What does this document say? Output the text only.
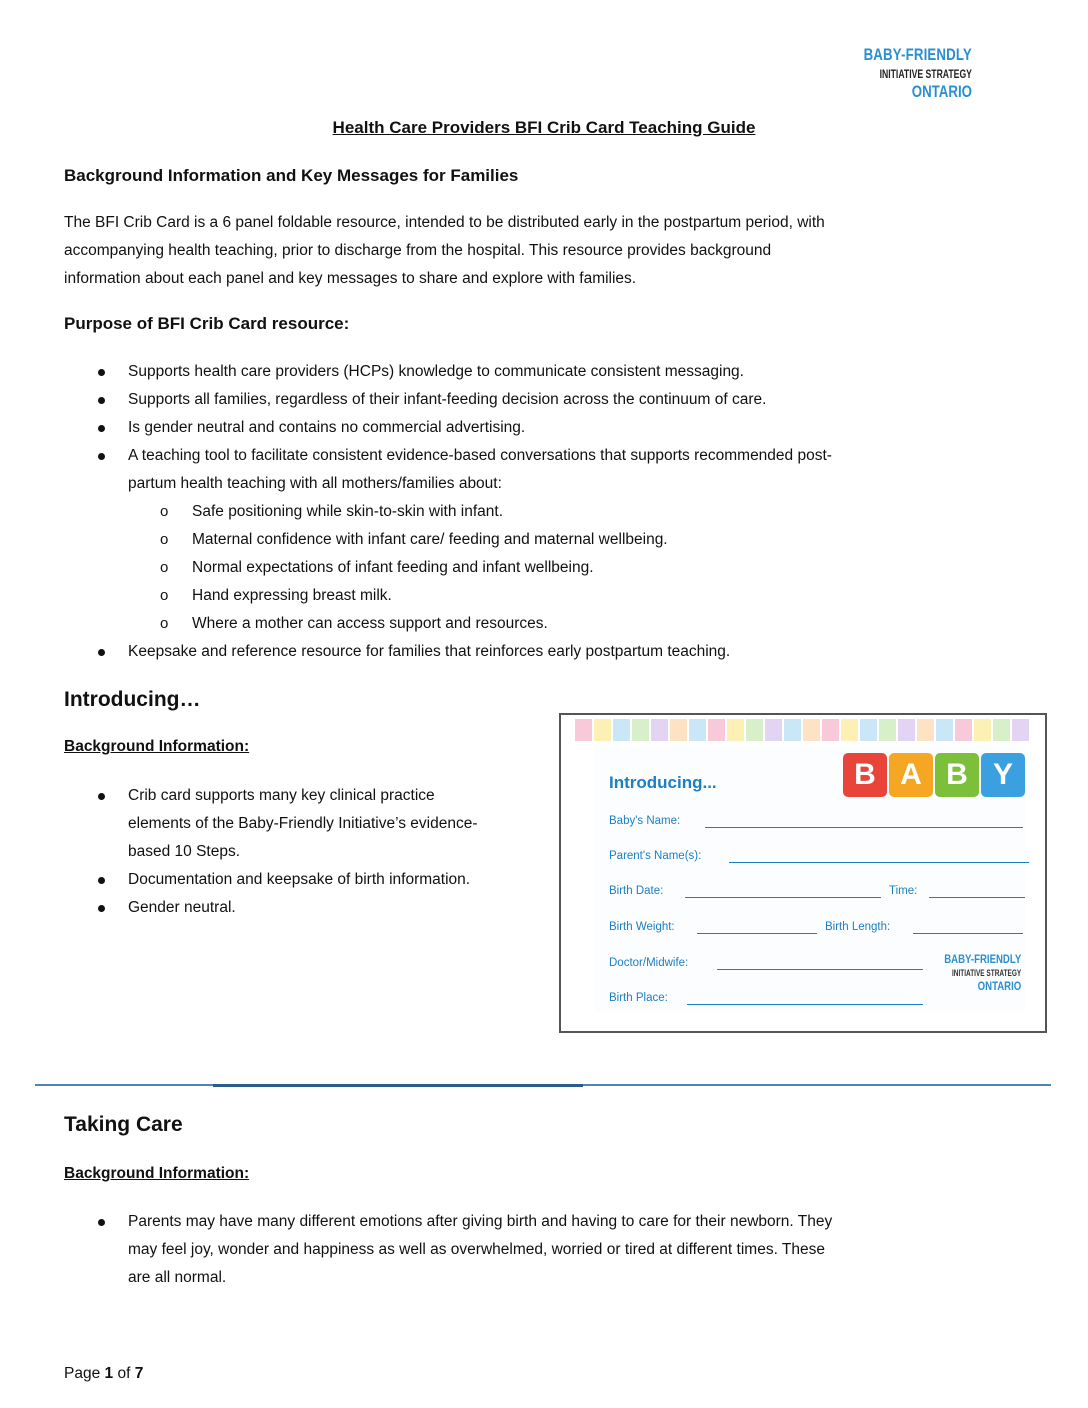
BABY-FRIENDLY
INITIATIVE STRATEGY
ONTARIO
Health Care Providers BFI Crib Card Teaching Guide
Background Information and Key Messages for Families
The BFI Crib Card is a 6 panel foldable resource, intended to be distributed early in the postpartum period, with
accompanying health teaching, prior to discharge from the hospital. This resource provides background
information about each panel and key messages to share and explore with families.
Purpose of BFI Crib Card resource:
Supports health care providers (HCPs) knowledge to communicate consistent messaging.
Supports all families, regardless of their infant-feeding decision across the continuum of care.
Is gender neutral and contains no commercial advertising.
A teaching tool to facilitate consistent evidence-based conversations that supports recommended post-
partum health teaching with all mothers/families about:
o Safe positioning while skin-to-skin with infant.
o Maternal confidence with infant care/ feeding and maternal wellbeing.
o Normal expectations of infant feeding and infant wellbeing.
o Hand expressing breast milk.
o Where a mother can access support and resources.
Keepsake and reference resource for families that reinforces early postpartum teaching.
Introducing…
Background Information:
Crib card supports many key clinical practice
elements of the Baby-Friendly Initiative’s evidence-
based 10 Steps.
Documentation and keepsake of birth information.
Gender neutral.
Introducing...	B A B Y
Baby's Name:
Parent's Name(s):
Birth Date:	Time:
Birth Weight:	Birth Length:
Doctor/Midwife:
Birth Place:
BABY-FRIENDLY
INITIATIVE STRATEGY
ONTARIO
Taking Care
Background Information:
Parents may have many different emotions after giving birth and having to care for their newborn. They
may feel joy, wonder and happiness as well as overwhelmed, worried or tired at different times. These
are all normal.
Page 1 of 7
